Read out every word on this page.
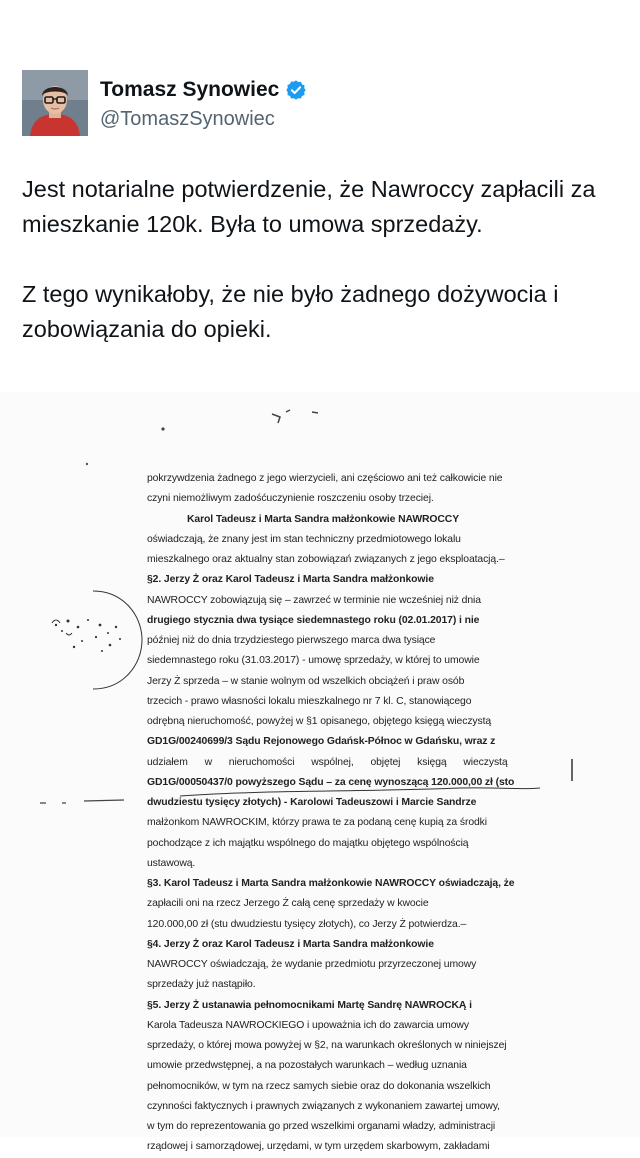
Tomasz Synowiec
@TomaszSynowiec

Jest notarialne potwierdzenie, że Nawroccy zapłacili za mieszkanie 120k. Była to umowa sprzedaży.

Z tego wynikałoby, że nie było żadnego dożywocia i zobowiązania do opieki.

pokrzywdzenia żadnego z jego wierzycieli, ani częściowo ani też całkowicie nie
czyni niemożliwym zadośćuczynienie roszczeniu osoby trzeciej.
Karol Tadeusz i Marta Sandra małżonkowie NAWROCCY
oświadczają, że znany jest im stan techniczny przedmiotowego lokalu
mieszkalnego oraz aktualny stan zobowiązań związanych z jego eksploatacją.–
§2. Jerzy Ż oraz Karol Tadeusz i Marta Sandra małżonkowie
NAWROCCY zobowiązują się – zawrzeć w terminie nie wcześniej niż dnia
drugiego stycznia dwa tysiące siedemnastego roku (02.01.2017) i nie
później niż do dnia trzydziestego pierwszego marca dwa tysiące
siedemnastego roku (31.03.2017) - umowę sprzedaży, w której to umowie
Jerzy Ż sprzeda – w stanie wolnym od wszelkich obciążeń i praw osób
trzecich - prawo własności lokalu mieszkalnego nr 7 kl. C, stanowiącego
odrębną nieruchomość, powyżej w §1 opisanego, objętego księgą wieczystą
GD1G/00240699/3 Sądu Rejonowego Gdańsk-Północ w Gdańsku, wraz z
udziałem w nieruchomości wspólnej, objętej księgą wieczystą
GD1G/00050437/0 powyższego Sądu – za cenę wynoszącą 120.000,00 zł (sto
dwudziestu tysięcy złotych) - Karolowi Tadeuszowi i Marcie Sandrze
małżonkom NAWROCKIM, którzy prawa te za podaną cenę kupią za środki
pochodzące z ich majątku wspólnego do majątku objętego wspólnością
ustawową.
§3. Karol Tadeusz i Marta Sandra małżonkowie NAWROCCY oświadczają, że
zapłacili oni na rzecz Jerzego Ż całą cenę sprzedaży w kwocie
120.000,00 zł (stu dwudziestu tysięcy złotych), co Jerzy Ż potwierdza.–
§4. Jerzy Ż oraz Karol Tadeusz i Marta Sandra małżonkowie
NAWROCCY oświadczają, że wydanie przedmiotu przyrzeczonej umowy
sprzedaży już nastąpiło.
§5. Jerzy Ż ustanawia pełnomocnikami Martę Sandrę NAWROCKĄ i
Karola Tadeusza NAWROCKIEGO i upoważnia ich do zawarcia umowy
sprzedaży, o której mowa powyżej w §2, na warunkach określonych w niniejszej
umowie przedwstępnej, a na pozostałych warunkach – według uznania
pełnomocników, w tym na rzecz samych siebie oraz do dokonania wszelkich
czynności faktycznych i prawnych związanych z wykonaniem zawartej umowy,
w tym do reprezentowania go przed wszelkimi organami władzy, administracji
rządowej i samorządowej, urzędami, w tym urzędem skarbowym, zakładami
